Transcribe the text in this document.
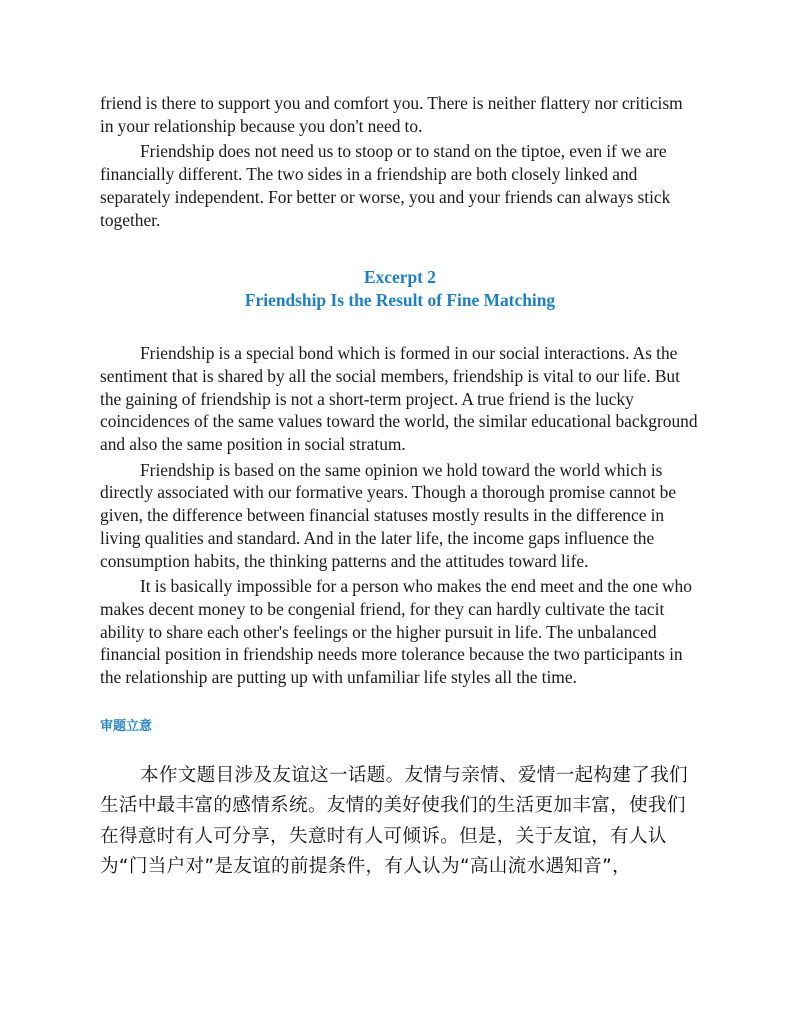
friend is there to support you and comfort you. There is neither flattery nor criticism in your relationship because you don't need to.

Friendship does not need us to stoop or to stand on the tiptoe, even if we are financially different. The two sides in a friendship are both closely linked and separately independent. For better or worse, you and your friends can always stick together.

Excerpt 2
Friendship Is the Result of Fine Matching

Friendship is a special bond which is formed in our social interactions. As the sentiment that is shared by all the social members, friendship is vital to our life. But the gaining of friendship is not a short-term project. A true friend is the lucky coincidences of the same values toward the world, the similar educational background and also the same position in social stratum.

Friendship is based on the same opinion we hold toward the world which is directly associated with our formative years. Though a thorough promise cannot be given, the difference between financial statuses mostly results in the difference in living qualities and standard. And in the later life, the income gaps influence the consumption habits, the thinking patterns and the attitudes toward life.

It is basically impossible for a person who makes the end meet and the one who makes decent money to be congenial friend, for they can hardly cultivate the tacit ability to share each other's feelings or the higher pursuit in life. The unbalanced financial position in friendship needs more tolerance because the two participants in the relationship are putting up with unfamiliar life styles all the time.

审题立意

本作文题目涉及友谊这一话题。友情与亲情、爱情一起构建了我们生活中最丰富的感情系统。友情的美好使我们的生活更加丰富，使我们在得意时有人可分享，失意时有人可倾诉。但是，关于友谊，有人认为“门当户对”是友谊的前提条件，有人认为“高山流水遇知音”，
